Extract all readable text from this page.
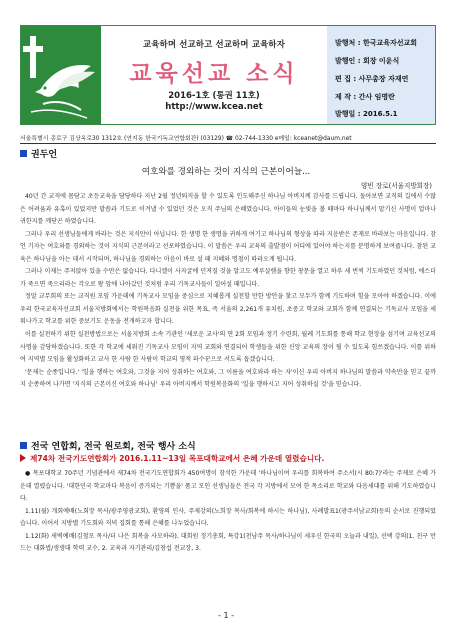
교육하며 선교하고 선교하며 교육하자
교육선교 소식
2016-1호 (통권 11호)
http://www.kcea.net
발행처 : 한국교육자선교회
발행인 : 회장 이윤식
편 집 : 사무총장 자재연
제 작 : 간사 임명란
발행일 : 2016.5.1
서울특별시 종로구 김상옥로30 1312호 (연지동 한국기독교연합회관) (03129) ☎ 02-744-1330 e메일: kceanet@daum.net
권두언
여호와를 경외하는 것이 지식의 근본이어늘...
양빈 장로(서울지방회장)

40년 간 교직에 몸담고 초등교육을 담당하다 지난 2월 정년퇴직을 할 수 있도록 인도해주신 하나님 아버지께 감사를 드립니다. 돌아보면 교직의 길에서 수많은 어려움과 유혹이 있었지만 말씀과 기도로 이겨낼 수 있었던 것은 오직 주님의 은혜였습니다. 아이들의 눈빛을 볼 때마다 하나님께서 맡기신 사명이 얼마나 귀한지를 깨닫곤 하였습니다.

그러나 우리 선생님들에게 바라는 것은 지식만이 아닙니다. 한 생명 한 생명을 귀하게 여기고 하나님의 형상을 따라 지음받은 존재로 바라보는 마음입니다. 잠언 기자는 여호와를 경외하는 것이 지식의 근본이라고 선포하였습니다. 이 말씀은 우리 교육의 출발점이 어디에 있어야 하는지를 분명하게 보여줍니다. 참된 교육은 하나님을 아는 데서 시작되며, 하나님을 경외하는 마음이 바로 설 때 지혜와 명철이 따라오게 됩니다.

그러나 이제는 주저앉아 있을 수만은 없습니다. 다니엘이 사자굴에 던져질 것을 알고도 예루살렘을 향한 창문을 열고 하루 세 번씩 기도하였던 것처럼, 에스더가 죽으면 죽으리라는 각오로 왕 앞에 나아갔던 것처럼 우리 기독교사들이 일어설 때입니다.

정말 교무회의 또는 교직원 모임 가운데에 기독교사 모임을 중심으로 지혜롭게 실천할 만한 방안을 찾고 모두가 함께 기도하며 힘을 모아야 하겠습니다. 이에 우리 한국교육자선교회 서울지방회에서는 학원복음화 실천을 위한 목표, 즉 서울의 2,261개 유치원, 초중고 학교와 교회가 함께 연결되는 기독교사 모임을 세워나가고 학교를 위한 중보기도 운동을 전개하고자 합니다.

이를 실천하기 위한 실천방법으로는 서울지방회 소속 기관인 '새로운 교사'의 연 2회 모임과 정기 수련회, 월례 기도회를 통해 학교 현장을 섬기며 교육선교의 사명을 감당하겠습니다. 또한 각 학교에 세워진 기독교사 모임이 지역 교회와 연결되어 학생들을 위한 신앙 교육의 장이 될 수 있도록 힘쓰겠습니다. 이를 위하여 지역별 모임을 활성화하고 교사 한 사람 한 사람이 학교의 영적 파수꾼으로 서도록 돕겠습니다.

'문제는 순종입니다.' '일을 행하는 여호와, 그것을 지어 성취하는 여호와, 그 이름을 여호와라 하는 자'이신 우리 아버지 하나님의 말씀과 약속만을 믿고 끝까지 순종하여 나가면 '지식의 근본이신 여호와 하나님' 우리 아버지께서 학원복음화의 '일을 행하시고 지어 성취하실 것'을 믿습니다.

전국 연합회, 전국 원로회, 전국 행사 소식
제74차 전국기도연합회가 2016.1.11~13일 목포대학교에서 은혜 가운데 열렸습니다.

● 목포대학교 70주년 기념관에서 제74차 전국기도연합회가 450여명이 참석한 가운데 '하나님이여 우리를 회복하여 주소서(시 80:7)'라는 주제로 은혜 가운데 열렸습니다. '대한민국 학교마다 복음이 증거되는 기쁨을' 품고 모인 선생님들은 전국 각 지방에서 모여 한 목소리로 학교와 다음세대를 위해 기도하였습니다.

1.11(월) 개회예배(노회장 목사/광주영광교회), 환영의 인사, 주제강의(노희장 목사/회복에 하시는 하나님), 사례발표1(광주서남교회)등의 순서로 진행되었습니다. 이어서 지방별 기도회와 저녁 집회를 통해 은혜를 나누었습니다.

1.12(화) 새벽예배(김철모 목사/더 나은 회복을 사모하라), 대회원 정기총회, 특강1(천남주 목사/하나님이 세우신 한국의 오늘과 내일), 선택 강의(1. 친구 만드는 대화법/생생대 학력 교수, 2. 교육과 자기관리/김창섭 전교장, 3.

- 1 -
